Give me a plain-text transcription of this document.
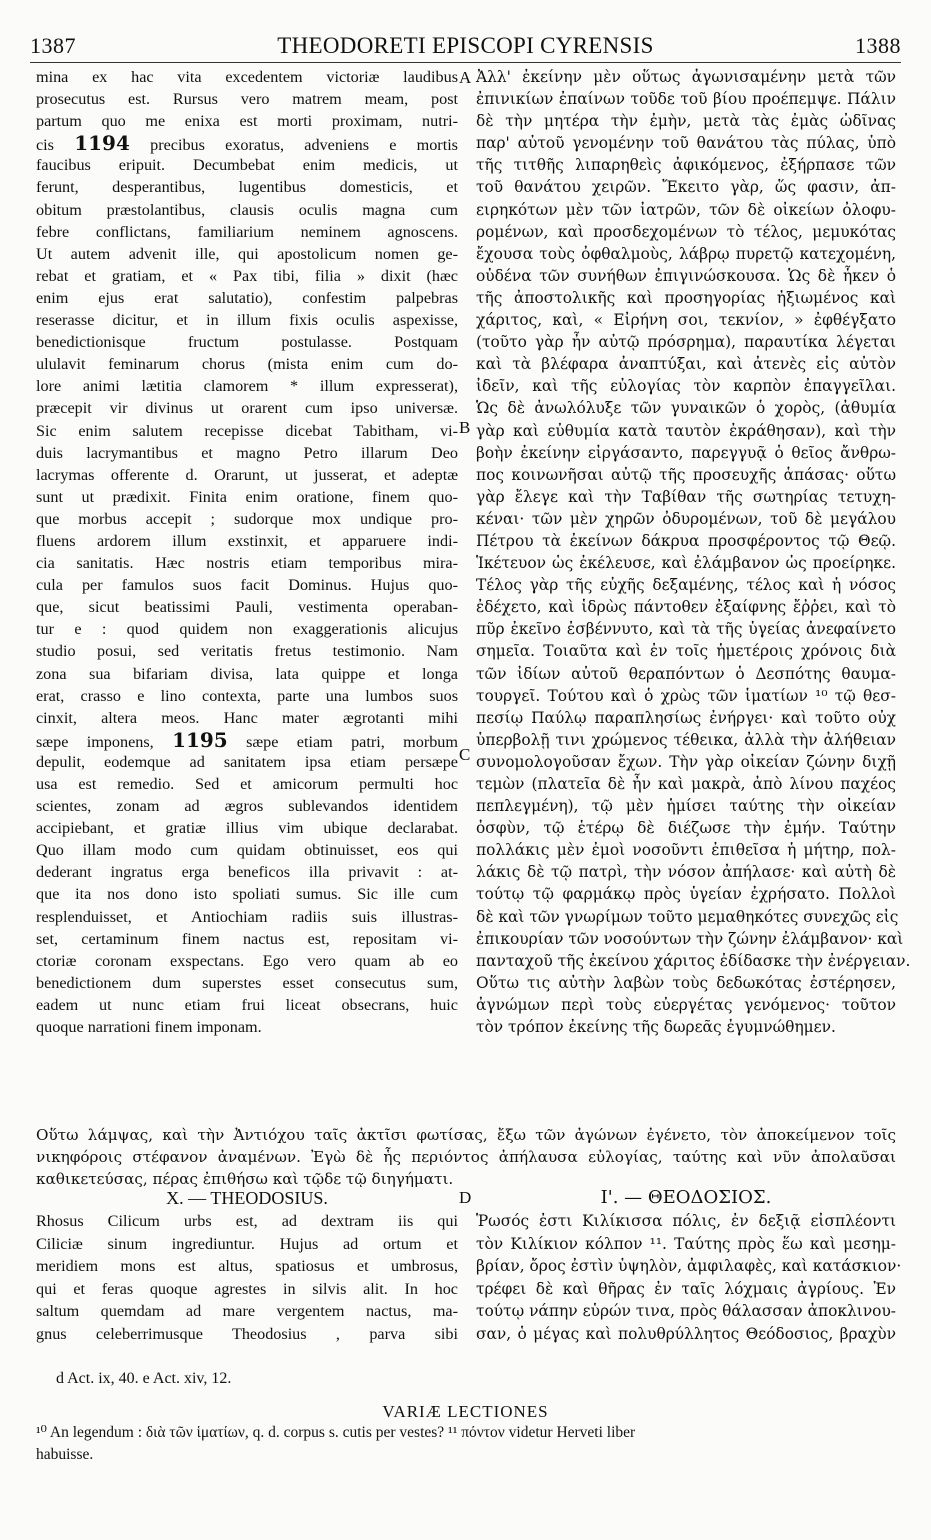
1387	THEODORETI EPISCOPI CYRENSIS	1388
A
B
C
D
mina ex hac vita excedentem victoriæ laudibus
prosecutus est. Rursus vero matrem meam, post
partum quo me enixa est morti proximam, nutri-
cis 1194 precibus exoratus, adveniens e mortis
faucibus eripuit. Decumbebat enim medicis, ut
ferunt, desperantibus, lugentibus domesticis, et
obitum præstolantibus, clausis oculis magna cum
febre conflictans, familiarium neminem agnoscens.
Ut autem advenit ille, qui apostolicum nomen ge-
rebat et gratiam, et « Pax tibi, filia » dixit (hæc
enim ejus erat salutatio), confestim palpebras
reserasse dicitur, et in illum fixis oculis aspexisse,
benedictionisque fructum postulasse. Postquam
ululavit feminarum chorus (mista enim cum do-
lore animi lætitia clamorem * illum expresserat),
præcepit vir divinus ut orarent cum ipso universæ.
Sic enim salutem recepisse dicebat Tabitham, vi-
duis lacrymantibus et magno Petro illarum Deo
lacrymas offerente d. Orarunt, ut jusserat, et adeptæ
sunt ut prædixit. Finita enim oratione, finem quo-
que morbus accepit ; sudorque mox undique pro-
fluens ardorem illum exstinxit, et apparuere indi-
cia sanitatis. Hæc nostris etiam temporibus mira-
cula per famulos suos facit Dominus. Hujus quo-
que, sicut beatissimi Pauli, vestimenta operaban-
tur e : quod quidem non exaggerationis alicujus
studio posui, sed veritatis fretus testimonio. Nam
zona sua bifariam divisa, lata quippe et longa
erat, crasso e lino contexta, parte una lumbos suos
cinxit, altera meos. Hanc mater ægrotanti mihi
sæpe imponens, 1195 sæpe etiam patri, morbum
depulit, eodemque ad sanitatem ipsa etiam persæpe
usa est remedio. Sed et amicorum permulti hoc
scientes, zonam ad ægros sublevandos identidem
accipiebant, et gratiæ illius vim ubique declarabat.
Quo illam modo cum quidam obtinuisset, eos qui
dederant ingratus erga beneficos illa privavit : at-
que ita nos dono isto spoliati sumus. Sic ille cum
resplenduisset, et Antiochiam radiis suis illustras-
set, certaminum finem nactus est, repositam vi-
ctoriæ coronam exspectans. Ego vero quam ab eo
benedictionem dum superstes esset consecutus sum,
eadem ut nunc etiam frui liceat obsecrans, huic
quoque narrationi finem imponam.
Ἀλλ' ἐκείνην μὲν οὕτως ἀγωνισαμένην μετὰ τῶν
ἐπινικίων ἐπαίνων τοῦδε τοῦ βίου προέπεμψε. Πάλιν
δὲ τὴν μητέρα τὴν ἐμὴν, μετὰ τὰς ἐμὰς ὠδῖνας
παρ' αὐτοῦ γενομένην τοῦ θανάτου τὰς πύλας, ὑπὸ
τῆς τιτθῆς λιπαρηθεὶς ἀφικόμενος, ἐξήρπασε τῶν
τοῦ θανάτου χειρῶν. Ἔκειτο γὰρ, ὥς φασιν, ἀπ-
ειρηκότων μὲν τῶν ἰατρῶν, τῶν δὲ οἰκείων ὀλοφυ-
ρομένων, καὶ προσδεχομένων τὸ τέλος, μεμυκότας
ἔχουσα τοὺς ὀφθαλμοὺς, λάβρῳ πυρετῷ κατεχομένη,
οὐδένα τῶν συνήθων ἐπιγινώσκουσα. Ὡς δὲ ἧκεν ὁ
τῆς ἀποστολικῆς καὶ προσηγορίας ἠξιωμένος καὶ
χάριτος, καὶ, « Εἰρήνη σοι, τεκνίον, » ἐφθέγξατο
(τοῦτο γὰρ ἦν αὐτῷ πρόσρημα), παραυτίκα λέγεται
καὶ τὰ βλέφαρα ἀναπτύξαι, καὶ ἀτενὲς εἰς αὐτὸν
ἰδεῖν, καὶ τῆς εὐλογίας τὸν καρπὸν ἐπαγγεῖλαι.
Ὡς δὲ ἀνωλόλυξε τῶν γυναικῶν ὁ χορὸς, (ἀθυμία
γὰρ καὶ εὐθυμία κατὰ ταυτὸν ἐκράθησαν), καὶ τὴν
βοὴν ἐκείνην εἰργάσαντο, παρεγγυᾷ ὁ θεῖος ἄνθρω-
πος κοινωνῆσαι αὐτῷ τῆς προσευχῆς ἁπάσας· οὕτω
γὰρ ἔλεγε καὶ τὴν Ταβίθαν τῆς σωτηρίας τετυχη-
κέναι· τῶν μὲν χηρῶν ὀδυρομένων, τοῦ δὲ μεγάλου
Πέτρου τὰ ἐκείνων δάκρυα προσφέροντος τῷ Θεῷ.
Ἱκέτευον ὡς ἐκέλευσε, καὶ ἐλάμβανον ὡς προείρηκε.
Τέλος γὰρ τῆς εὐχῆς δεξαμένης, τέλος καὶ ἡ νόσος
ἐδέχετο, καὶ ἱδρὼς πάντοθεν ἐξαίφνης ἔῤῥει, καὶ τὸ
πῦρ ἐκεῖνο ἐσβέννυτο, καὶ τὰ τῆς ὑγείας ἀνεφαίνετο
σημεῖα. Τοιαῦτα καὶ ἐν τοῖς ἡμετέροις χρόνοις διὰ
τῶν ἰδίων αὐτοῦ θεραπόντων ὁ Δεσπότης θαυμα-
τουργεῖ. Τούτου καὶ ὁ χρὼς τῶν ἱματίων ¹⁰ τῷ θεσ-
πεσίῳ Παύλῳ παραπλησίως ἐνήργει· καὶ τοῦτο οὐχ
ὑπερβολῇ τινι χρώμενος τέθεικα, ἀλλὰ τὴν ἀλήθειαν
συνομολογοῦσαν ἔχων. Τὴν γὰρ οἰκείαν ζώνην διχῇ
τεμὼν (πλατεῖα δὲ ἦν καὶ μακρὰ, ἀπὸ λίνου παχέος
πεπλεγμένη), τῷ μὲν ἡμίσει ταύτης τὴν οἰκείαν
ὀσφὺν, τῷ ἑτέρῳ δὲ διέζωσε τὴν ἐμήν. Ταύτην
πολλάκις μὲν ἐμοὶ νοσοῦντι ἐπιθεῖσα ἡ μήτηρ, πολ-
λάκις δὲ τῷ πατρὶ, τὴν νόσον ἀπήλασε· καὶ αὐτὴ δὲ
τούτῳ τῷ φαρμάκῳ πρὸς ὑγείαν ἐχρήσατο. Πολλοὶ
δὲ καὶ τῶν γνωρίμων τοῦτο μεμαθηκότες συνεχῶς εἰς
ἐπικουρίαν τῶν νοσούντων τὴν ζώνην ἐλάμβανον· καὶ
πανταχοῦ τῆς ἐκείνου χάριτος ἐδίδασκε τὴν ἐνέργειαν.
Οὕτω τις αὐτὴν λαβὼν τοὺς δεδωκότας ἐστέρησεν,
ἀγνώμων περὶ τοὺς εὐεργέτας γενόμενος· τοῦτον
τὸν τρόπον ἐκείνης τῆς δωρεᾶς ἐγυμνώθημεν.
Οὕτω λάμψας, καὶ τὴν Ἀντιόχου ταῖς ἀκτῖσι φωτίσας, ἔξω τῶν ἀγώνων ἐγένετο, τὸν ἀποκείμενον τοῖς
νικηφόροις στέφανον ἀναμένων. Ἐγὼ δὲ ἧς περιόντος ἀπήλαυσα εὐλογίας, ταύτης καὶ νῦν ἀπολαῦσαι
καθικετεύσας, πέρας ἐπιθήσω καὶ τῷδε τῷ διηγήματι.
X. — THEODOSIUS.
Rhosus Cilicum urbs est, ad dextram iis qui
Ciliciæ sinum ingrediuntur. Hujus ad ortum et
meridiem mons est altus, spatiosus et umbrosus,
qui et feras quoque agrestes in silvis alit. In hoc
saltum quemdam ad mare vergentem nactus, ma-
gnus celeberrimusque Theodosius , parva sibi
Ι'. — ΘΕΟΔΟΣΙΟΣ.
Ῥωσός ἐστι Κιλίκισσα πόλις, ἐν δεξιᾷ εἰσπλέοντι
τὸν Κιλίκιον κόλπον ¹¹. Ταύτης πρὸς ἕω καὶ μεσημ-
βρίαν, ὄρος ἐστὶν ὑψηλὸν, ἀμφιλαφὲς, καὶ κατάσκιον·
τρέφει δὲ καὶ θῆρας ἐν ταῖς λόχμαις ἀγρίους. Ἐν
τούτῳ νάπην εὑρών τινα, πρὸς θάλασσαν ἀποκλινου-
σαν, ὁ μέγας καὶ πολυθρύλλητος Θεόδοσιος, βραχὺν
d Act. ix, 40. e Act. xiv, 12.
VARIÆ LECTIONES
¹⁰ An legendum : διὰ τῶν ἱματίων, q. d. corpus s. cutis per vestes? ¹¹ πόντον videtur Herveti liber
habuisse.
